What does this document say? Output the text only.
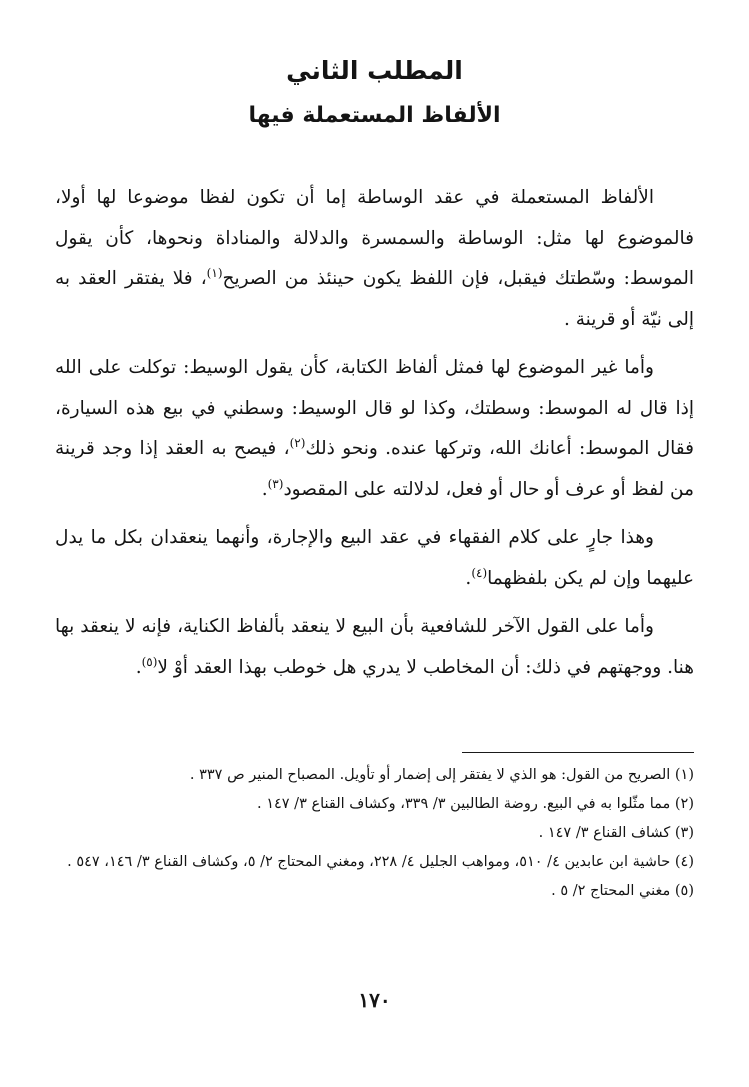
المطلب الثاني
الألفاظ المستعملة فيها

الألفاظ المستعملة في عقد الوساطة إما أن تكون لفظا موضوعا لها أولا، فالموضوع لها مثل: الوساطة والسمسرة والدلالة والمناداة ونحوها، كأن يقول الموسط: وسّطتك فيقبل، فإن اللفظ يكون حينئذ من الصريح$^{(١)}$، فلا يفتقر العقد به إلى نيّة أو قرينة .

وأما غير الموضوع لها فمثل ألفاظ الكتابة، كأن يقول الوسيط: توكلت على الله إذا قال له الموسط: وسطتك، وكذا لو قال الوسيط: وسطني في بيع هذه السيارة، فقال الموسط: أعانك الله، وتركها عنده. ونحو ذلك$^{(٢)}$، فيصح به العقد إذا وجد قرينة من لفظ أو عرف أو حال أو فعل، لدلالته على المقصود$^{(٣)}$.

وهذا جارٍ على كلام الفقهاء في عقد البيع والإجارة، وأنهما ينعقدان بكل ما يدل عليهما وإن لم يكن بلفظهما$^{(٤)}$.

وأما على القول الآخر للشافعية بأن البيع لا ينعقد بألفاظ الكناية، فإنه لا ينعقد بها هنا. ووجهتهم في ذلك: أن المخاطب لا يدري هل خوطب بهذا العقد أوْ لا$^{(٥)}$.

(١) الصريح من القول: هو الذي لا يفتقر إلى إضمار أو تأويل. المصباح المنير ص ٣٣٧ .
(٢) مما مثّلوا به في البيع. روضة الطالبين ٣/ ٣٣٩، وكشاف القناع ٣/ ١٤٧ .
(٣) كشاف القناع ٣/ ١٤٧ .
(٤) حاشية ابن عابدين ٤/ ٥١٠، ومواهب الجليل ٤/ ٢٢٨، ومغني المحتاج ٢/ ٥، وكشاف القناع ٣/ ١٤٦، ٥٤٧ .
(٥) مغني المحتاج ٢/ ٥ .
١٧٠
